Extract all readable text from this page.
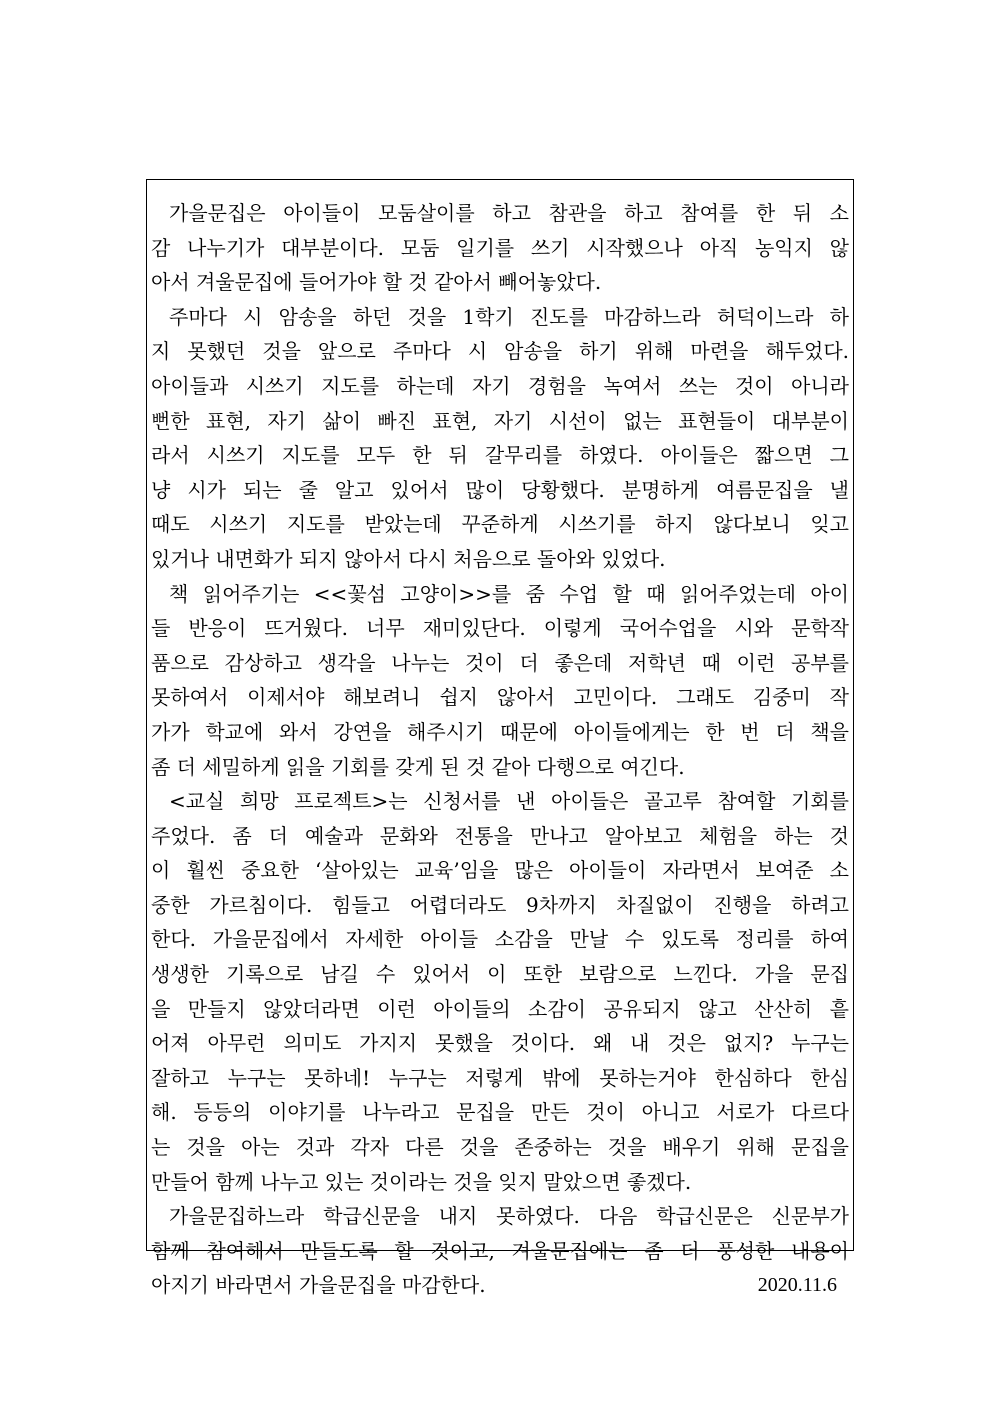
가을문집은 아이들이 모둠살이를 하고 참관을 하고 참여를 한 뒤 소
감 나누기가 대부분이다. 모둠 일기를 쓰기 시작했으나 아직 농익지 않
아서 겨울문집에 들어가야 할 것 같아서 빼어놓았다.
주마다 시 암송을 하던 것을 1학기 진도를 마감하느라 허덕이느라 하
지 못했던 것을 앞으로 주마다 시 암송을 하기 위해 마련을 해두었다.
아이들과 시쓰기 지도를 하는데 자기 경험을 녹여서 쓰는 것이 아니라
뻔한 표현, 자기 삶이 빠진 표현, 자기 시선이 없는 표현들이 대부분이
라서 시쓰기 지도를 모두 한 뒤 갈무리를 하였다. 아이들은 짧으면 그
냥 시가 되는 줄 알고 있어서 많이 당황했다. 분명하게 여름문집을 낼
때도 시쓰기 지도를 받았는데 꾸준하게 시쓰기를 하지 않다보니 잊고
있거나 내면화가 되지 않아서 다시 처음으로 돌아와 있었다.
책 읽어주기는 <<꽃섬 고양이>>를 줌 수업 할 때 읽어주었는데 아이
들 반응이 뜨거웠다. 너무 재미있단다. 이렇게 국어수업을 시와 문학작
품으로 감상하고 생각을 나누는 것이 더 좋은데 저학년 때 이런 공부를
못하여서 이제서야 해보려니 쉽지 않아서 고민이다. 그래도 김중미 작
가가 학교에 와서 강연을 해주시기 때문에 아이들에게는 한 번 더 책을
좀 더 세밀하게 읽을 기회를 갖게 된 것 같아 다행으로 여긴다.
<교실 희망 프로젝트>는 신청서를 낸 아이들은 골고루 참여할 기회를
주었다. 좀 더 예술과 문화와 전통을 만나고 알아보고 체험을 하는 것
이 훨씬 중요한 ‘살아있는 교육’임을 많은 아이들이 자라면서 보여준 소
중한 가르침이다. 힘들고 어렵더라도 9차까지 차질없이 진행을 하려고
한다. 가을문집에서 자세한 아이들 소감을 만날 수 있도록 정리를 하여
생생한 기록으로 남길 수 있어서 이 또한 보람으로 느낀다. 가을 문집
을 만들지 않았더라면 이런 아이들의 소감이 공유되지 않고 산산히 흩
어져 아무런 의미도 가지지 못했을 것이다. 왜 내 것은 없지? 누구는
잘하고 누구는 못하네! 누구는 저렇게 밖에 못하는거야 한심하다 한심
해. 등등의 이야기를 나누라고 문집을 만든 것이 아니고 서로가 다르다
는 것을 아는 것과 각자 다른 것을 존중하는 것을 배우기 위해 문집을
만들어 함께 나누고 있는 것이라는 것을 잊지 말았으면 좋겠다.
가을문집하느라 학급신문을 내지 못하였다. 다음 학급신문은 신문부가
함께 참여해서 만들도록 할 것이고, 겨울문집에는 좀 더 풍성한 내용이
아지기 바라면서 가을문집을 마감한다.	2020.11.6
